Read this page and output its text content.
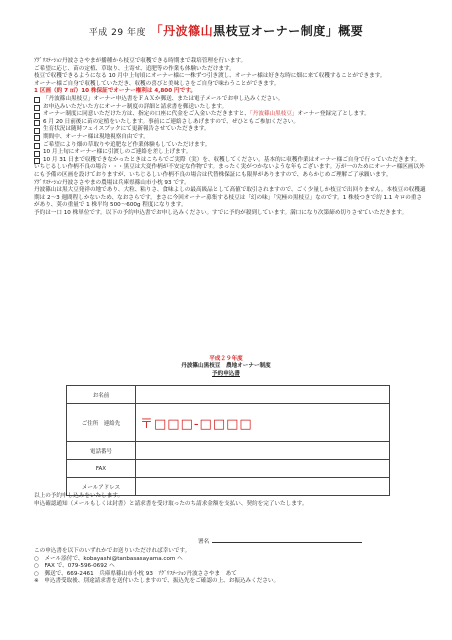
平成 29 年度 「丹波篠山黒枝豆オーナー制度」概要

ｱｸﾞﾘｽﾃｰｼｮﾝ丹波ささやまが播種から枝豆で収穫できる時期まで栽培管理を行います。

ご希望に応じ、苗の定植、草取り、土寄せ、追肥等の作業も体験いただけます。

枝豆で収穫できるようになる 10 月中上旬頃にオーナー様に一株ずつ引き渡し、オーナー様は好きな時に畑に来て収穫することができます。

オーナー様ご自身で収穫していただき、収穫の喜びと美味しさをご自身で味わうことができます。

1 区画（約 7 ㎡）10 株保証でオーナー権利は 4,800 円です。

「丹波篠山黒枝豆」オーナー申込書をＦＡＸか郵送、または電子メールでお申し込みください。
お申込みいただいた方にオーナー制度の詳細と請求書を郵送いたします。
オーナー制度に同意いただけた方は、指定の口座に代金をご入金いただきますと、「丹波篠山黒枝豆」オーナー登録完了とします。
6 月 20 日前後に苗の定植をいたします。事前にご連絡さしあげますので、ぜひともご参加ください。
生育状況は随時フェイスブックにて更新報告させていただきます。
期間中、オーナー様は現地視察自由です。
ご希望により畑の草取りや追肥など作業体験もしていただけます。
10 月上旬にオーナー様に引渡しのご連絡を差し上げます。
10 月 31 日まで収穫できなかったときはこちらでご実際（実）を、収穫してください。基本的に収穫作業はオーナー様ご自身で行っていただきます。

いちじるしい作柄不良の場合・・・黒豆は大変作柄が不安定な作物です。まったく実がつかないような年もございます。万が一のためにオーナー様区画以外にも予備の区画を設けておりますが、いちじるしい作柄不良の場合は代替株保証にも限界がありますので、あらかじめご理解ご了承願います。

ｱｸﾞﾘｽﾃｰｼｮﾝ丹波ささやまの農場は兵庫県篠山市小枕 93 です。

丹波篠山は黒大豆発祥の地であり、大粒、粘りさ、食味よしの最高級品として高値で取引されますので、ごく少量しか枝豆で出回りません。本枝豆の収穫適期は 2～3 週間程しかないため、なおさらです。まさに今回オーナー募集する枝豆は「幻の味」「究極の黒枝豆」なのです。1 株枝つきで約 1.1 キロの重さがあり、莢の重量で 1 株平均 500～600g 程度になります。

予約は一口 10 株単位です。以下の予約申込書でお申し込みください。すでに予約が殺到しています。満口になり次第締め切りさせていただきます。

平成２９年度
丹波篠山黒枝豆　農地オーナー制度
予約申込書
お名前	
ご住所　連絡先	〒□□□-□□□□
電話番号	
FAX	
メールアドレス	

以上の予約申し込みをいたします。

申込確認通知（メールもしくは封書）と請求書を受け取ったのち請求金額を支払い、契約を完了いたします。

署名

この申込書を以下のいずれかでお送りいただければ幸いです。

○　メール添付で、kobayashi@tanbasasayama.com へ

○　FAX で、079-596-0692 へ

○　郵送で、669-2461　兵庫県篠山市小枕 93　ｱｸﾞﾘｽﾃｰｼｮﾝ丹波ささやま　あて

※　申込書受取後、別途請求書を送付いたしますので、振込先をご確認の上、お振込みください。
